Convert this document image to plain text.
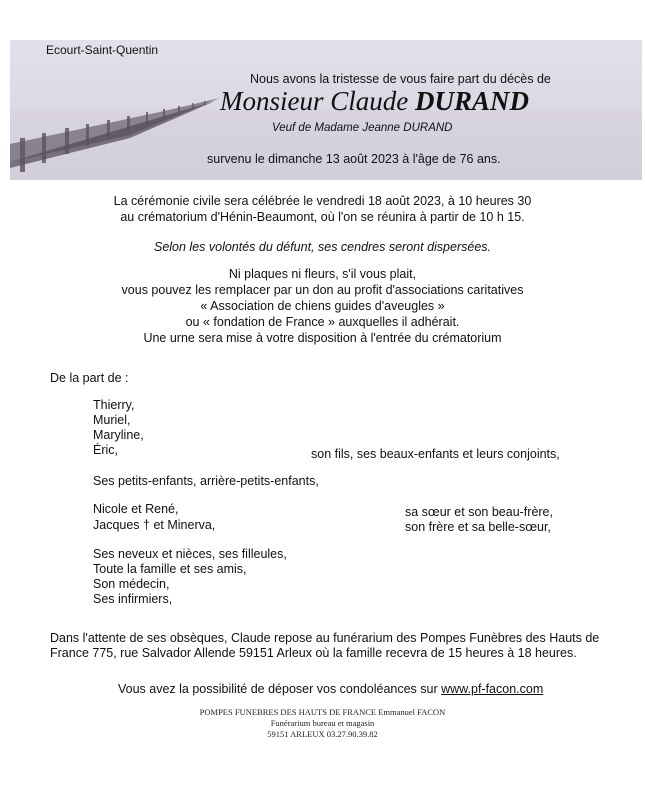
Ecourt-Saint-Quentin
Nous avons la tristesse de vous faire part du décès de
Monsieur Claude DURAND
Veuf de Madame Jeanne DURAND
survenu le dimanche 13 août 2023 à l'âge de 76 ans.
La cérémonie civile sera célébrée le vendredi 18 août 2023, à 10 heures 30
au crématorium d'Hénin-Beaumont, où l'on se réunira à partir de 10 h 15.
Selon les volontés du défunt, ses cendres seront dispersées.
Ni plaques ni fleurs, s'il vous plait,
vous pouvez les remplacer par un don au profit d'associations caritatives
« Association de chiens guides d'aveugles »
ou « fondation de France » auxquelles il adhérait.
Une urne sera mise à votre disposition à l'entrée du crématorium
De la part de :
Thierry,
Muriel,
Maryline,
Éric,	son fils, ses beaux-enfants et leurs conjoints,
Ses petits-enfants, arrière-petits-enfants,
Nicole et René,	sa sœur et son beau-frère,
Jacques † et Minerva,	son frère et sa belle-sœur,
Ses neveux et nièces, ses filleules,
Toute la famille et ses amis,
Son médecin,
Ses infirmiers,
Dans l'attente de ses obsèques, Claude repose au funérarium des Pompes Funèbres des Hauts de
France 775, rue Salvador Allende 59151 Arleux où la famille recevra de 15 heures à 18 heures.
Vous avez la possibilité de déposer vos condoléances sur www.pf-facon.com
POMPES FUNEBRES DES HAUTS DE FRANCE Emmanuel FACON
Funérarium bureau et magasin
59151 ARLEUX 03.27.90.39.82
